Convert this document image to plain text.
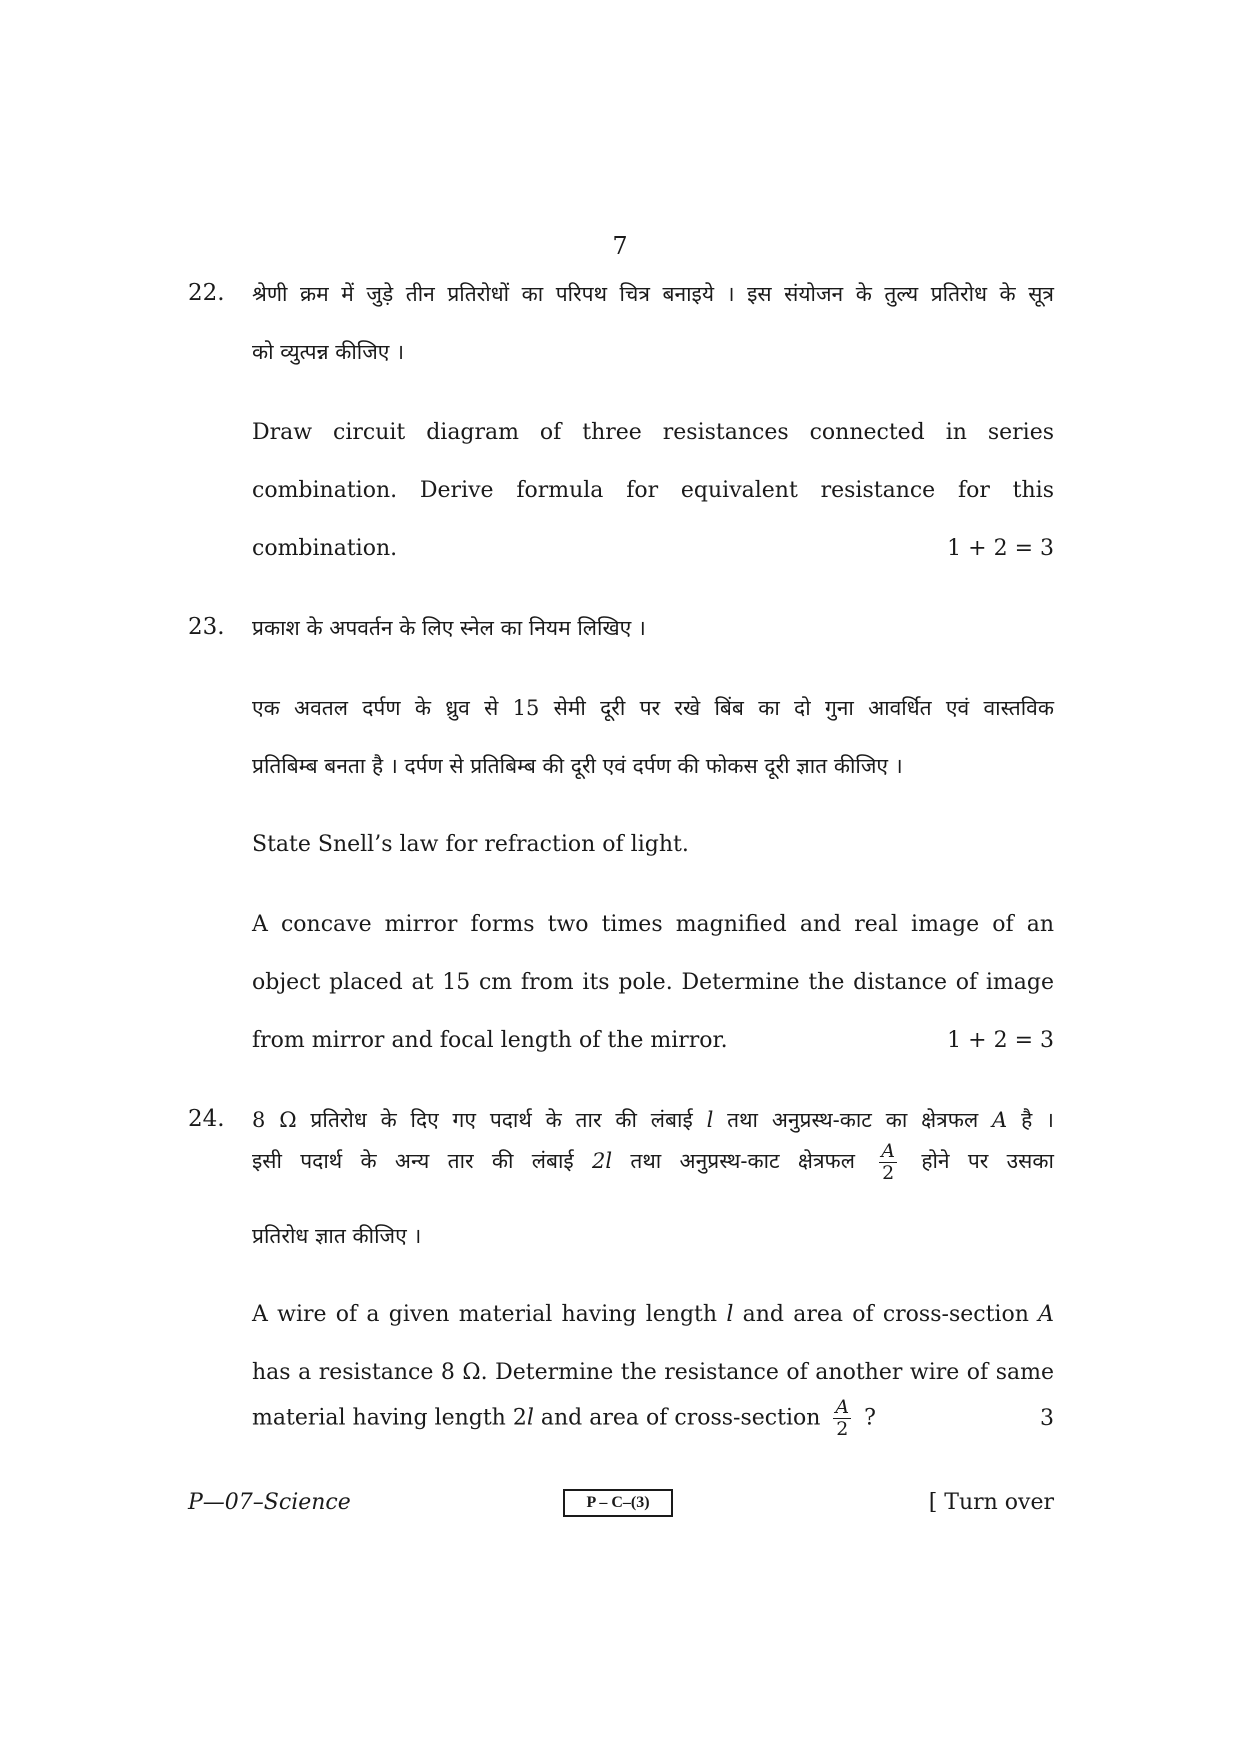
7
22. श्रेणी क्रम में जुड़े तीन प्रतिरोधों का परिपथ चित्र बनाइये । इस संयोजन के तुल्य प्रतिरोध के सूत्र
को व्युत्पन्न कीजिए ।
Draw circuit diagram of three resistances connected in series
combination. Derive formula for equivalent resistance for this
combination.	1 + 2 = 3
23. प्रकाश के अपवर्तन के लिए स्नेल का नियम लिखिए ।
एक अवतल दर्पण के ध्रुव से 15 सेमी दूरी पर रखे बिंब का दो गुना आवर्धित एवं वास्तविक
प्रतिबिम्ब बनता है । दर्पण से प्रतिबिम्ब की दूरी एवं दर्पण की फोकस दूरी ज्ञात कीजिए ।
State Snell’s law for refraction of light.
A concave mirror forms two times magnified and real image of an
object placed at 15 cm from its pole. Determine the distance of image
from mirror and focal length of the mirror.	1 + 2 = 3
24. 8 Ω प्रतिरोध के दिए गए पदार्थ के तार की लंबाई l तथा अनुप्रस्थ-काट का क्षेत्रफल A है ।
इसी पदार्थ के अन्य तार की लंबाई 2l तथा अनुप्रस्थ-काट क्षेत्रफल $\frac{A}{2}$ होने पर उसका
प्रतिरोध ज्ञात कीजिए ।
A wire of a given material having length l and area of cross-section A
has a resistance 8 Ω. Determine the resistance of another wire of same
material having length 2l and area of cross-section $\frac{A}{2}$ ?	3
P—07–Science	P – C–(3)	[ Turn over
